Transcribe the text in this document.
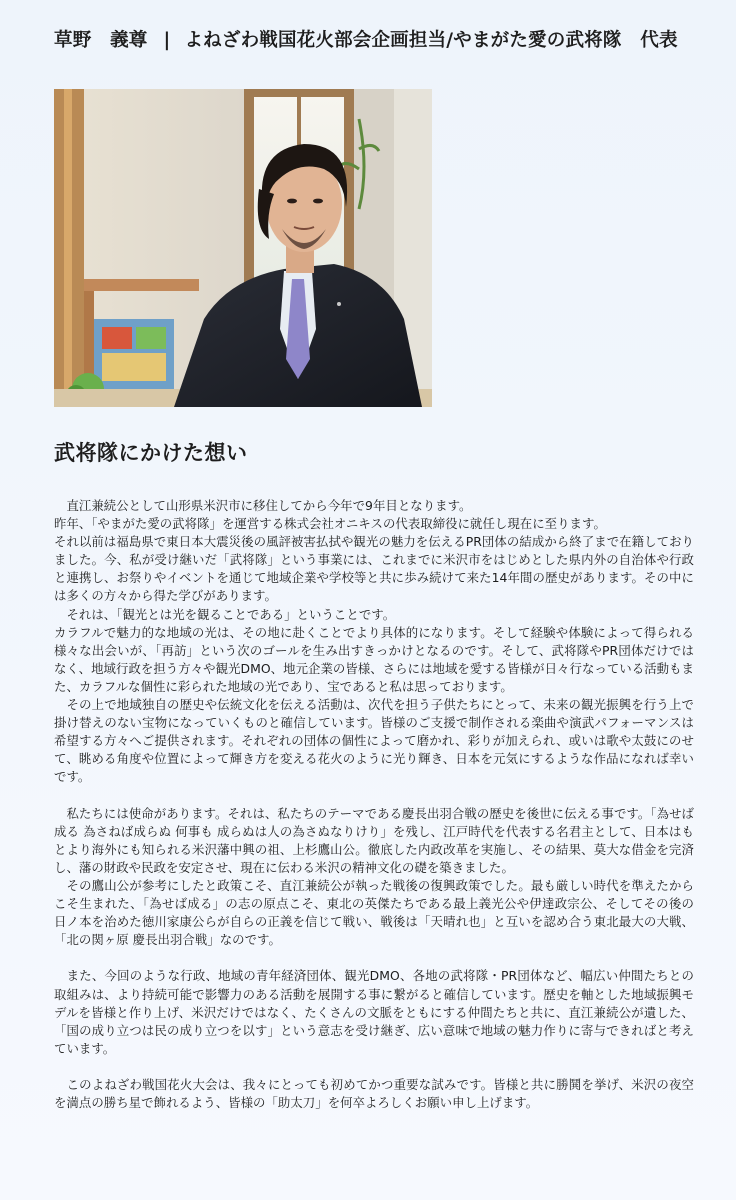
草野　義尊 | よねざわ戦国花火部会企画担当/やまがた愛の武将隊　代表
武将隊にかけた想い

　直江兼続公として山形県米沢市に移住してから今年で9年目となります。

昨年、「やまがた愛の武将隊」を運営する株式会社オニキスの代表取締役に就任し現在に至ります。

それ以前は福島県で東日本大震災後の風評被害払拭や観光の魅力を伝えるPR団体の結成から終了まで在籍しておりました。今、私が受け継いだ「武将隊」という事業には、これまでに米沢市をはじめとした県内外の自治体や行政と連携し、お祭りやイベントを通じて地域企業や学校等と共に歩み続けて来た14年間の歴史があります。その中には多くの方々から得た学びがあります。

　それは、「観光とは光を観ることである」ということです。

カラフルで魅力的な地域の光は、その地に赴くことでより具体的になります。そして経験や体験によって得られる様々な出会いが、「再訪」という次のゴールを生み出すきっかけとなるのです。そして、武将隊やPR団体だけではなく、地域行政を担う方々や観光DMO、地元企業の皆様、さらには地域を愛する皆様が日々行なっている活動もまた、カラフルな個性に彩られた地域の光であり、宝であると私は思っております。

　その上で地域独自の歴史や伝統文化を伝える活動は、次代を担う子供たちにとって、未来の観光振興を行う上で掛け替えのない宝物になっていくものと確信しています。皆様のご支援で制作される楽曲や演武パフォーマンスは希望する方々へご提供されます。それぞれの団体の個性によって磨かれ、彩りが加えられ、或いは歌や太鼓にのせて、眺める角度や位置によって輝き方を変える花火のように光り輝き、日本を元気にするような作品になれば幸いです。

　私たちには使命があります。それは、私たちのテーマである慶長出羽合戦の歴史を後世に伝える事です。「為せば成る 為さねば成らぬ 何事も 成らぬは人の為さぬなりけり」を残し、江戸時代を代表する名君主として、日本はもとより海外にも知られる米沢藩中興の祖、上杉鷹山公。徹底した内政改革を実施し、その結果、莫大な借金を完済し、藩の財政や民政を安定させ、現在に伝わる米沢の精神文化の礎を築きました。

　その鷹山公が参考にしたと政策こそ、直江兼続公が執った戦後の復興政策でした。最も厳しい時代を準えたからこそ生まれた、「為せば成る」の志の原点こそ、東北の英傑たちである最上義光公や伊達政宗公、そしてその後の日ノ本を治めた徳川家康公らが自らの正義を信じて戦い、戦後は「天晴れ也」と互いを認め合う東北最大の大戦、「北の関ヶ原 慶長出羽合戦」なのです。

　また、今回のような行政、地域の青年経済団体、観光DMO、各地の武将隊・PR団体など、幅広い仲間たちとの取組みは、より持続可能で影響力のある活動を展開する事に繋がると確信しています。歴史を軸とした地域振興モデルを皆様と作り上げ、米沢だけではなく、たくさんの文脈をともにする仲間たちと共に、直江兼続公が遺した、「国の成り立つは民の成り立つを以す」という意志を受け継ぎ、広い意味で地域の魅力作りに寄与できればと考えています。

　このよねざわ戦国花火大会は、我々にとっても初めてかつ重要な試みです。皆様と共に勝鬨を挙げ、米沢の夜空を満点の勝ち星で飾れるよう、皆様の「助太刀」を何卒よろしくお願い申し上げます。
